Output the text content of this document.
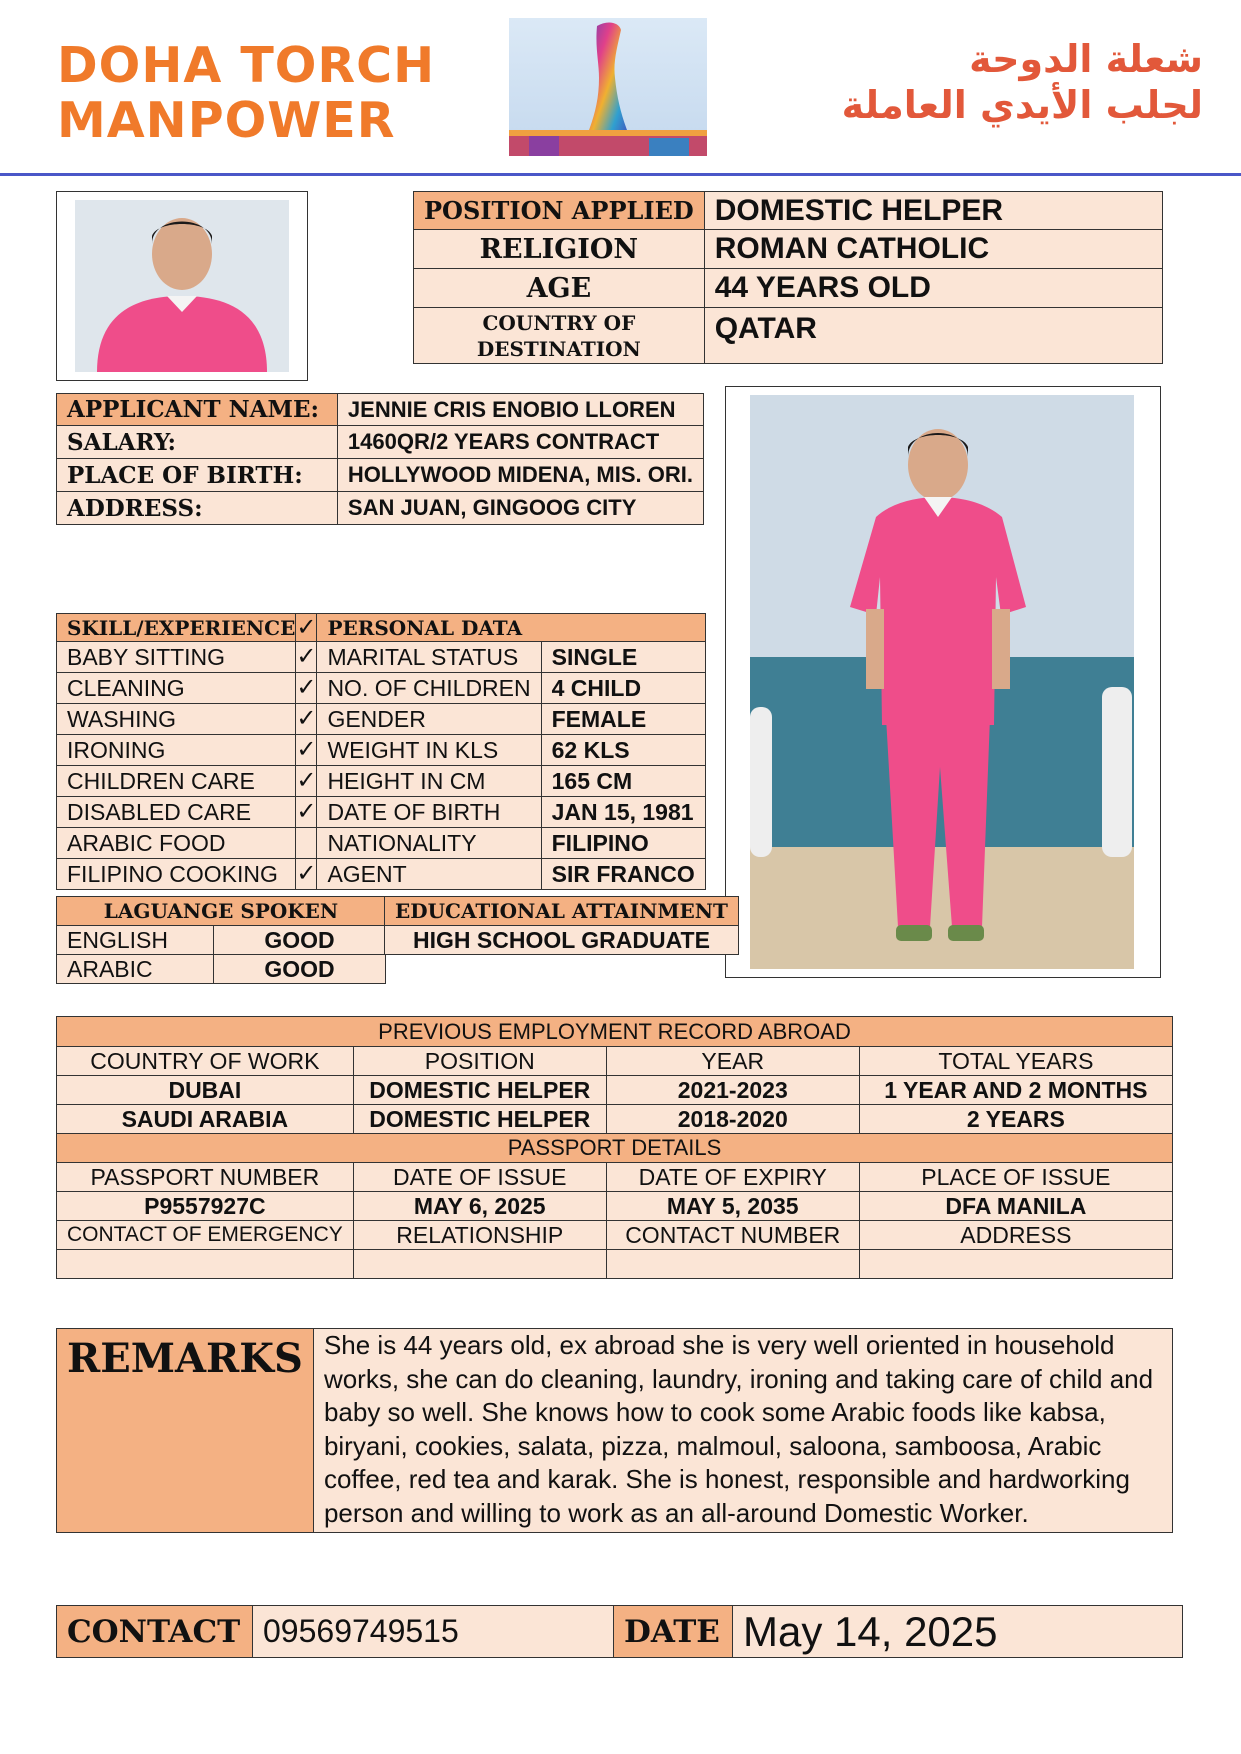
DOHA TORCH
MANPOWER
شعلة الدوحة
لجلب الأيدي العاملة
POSITION APPLIED	DOMESTIC HELPER
RELIGION	ROMAN CATHOLIC
AGE	44 YEARS OLD
COUNTRY OF DESTINATION	QATAR
APPLICANT NAME:	JENNIE CRIS ENOBIO LLOREN
SALARY:	1460QR/2 YEARS CONTRACT
PLACE OF BIRTH:	HOLLYWOOD MIDENA, MIS. ORI.
ADDRESS:	SAN JUAN, GINGOOG CITY
SKILL/EXPERIENCE	✓	PERSONAL DATA	
BABY SITTING	✓	MARITAL STATUS	SINGLE
CLEANING	✓	NO. OF CHILDREN	4 CHILD
WASHING	✓	GENDER	FEMALE
IRONING	✓	WEIGHT IN KLS	62 KLS
CHILDREN CARE	✓	HEIGHT IN CM	165 CM
DISABLED CARE	✓	DATE OF BIRTH	JAN 15, 1981
ARABIC FOOD		NATIONALITY	FILIPINO
FILIPINO COOKING	✓	AGENT	SIR FRANCO
LAGUANGE SPOKEN	
ENGLISH	GOOD
ARABIC	GOOD
EDUCATIONAL ATTAINMENT
HIGH SCHOOL GRADUATE
PREVIOUS EMPLOYMENT RECORD ABROAD			
COUNTRY OF WORK	POSITION	YEAR	TOTAL YEARS
DUBAI	DOMESTIC HELPER	2021-2023	1 YEAR AND 2 MONTHS
SAUDI ARABIA	DOMESTIC HELPER	2018-2020	2 YEARS
PASSPORT DETAILS			
PASSPORT NUMBER	DATE OF ISSUE	DATE OF EXPIRY	PLACE OF ISSUE
P9557927C	MAY 6, 2025	MAY 5, 2035	DFA MANILA
CONTACT OF EMERGENCY	RELATIONSHIP	CONTACT NUMBER	ADDRESS

REMARKS	She is 44 years old, ex abroad she is very well oriented in household works, she can do cleaning, laundry, ironing and taking care of child and baby so well. She knows how to cook some Arabic foods like kabsa, biryani, cookies, salata, pizza, malmoul, saloona, samboosa, Arabic coffee, red tea and karak. She is honest, responsible and hardworking person and willing to work as an all-around Domestic Worker.
CONTACT	09569749515	DATE	May 14, 2025
